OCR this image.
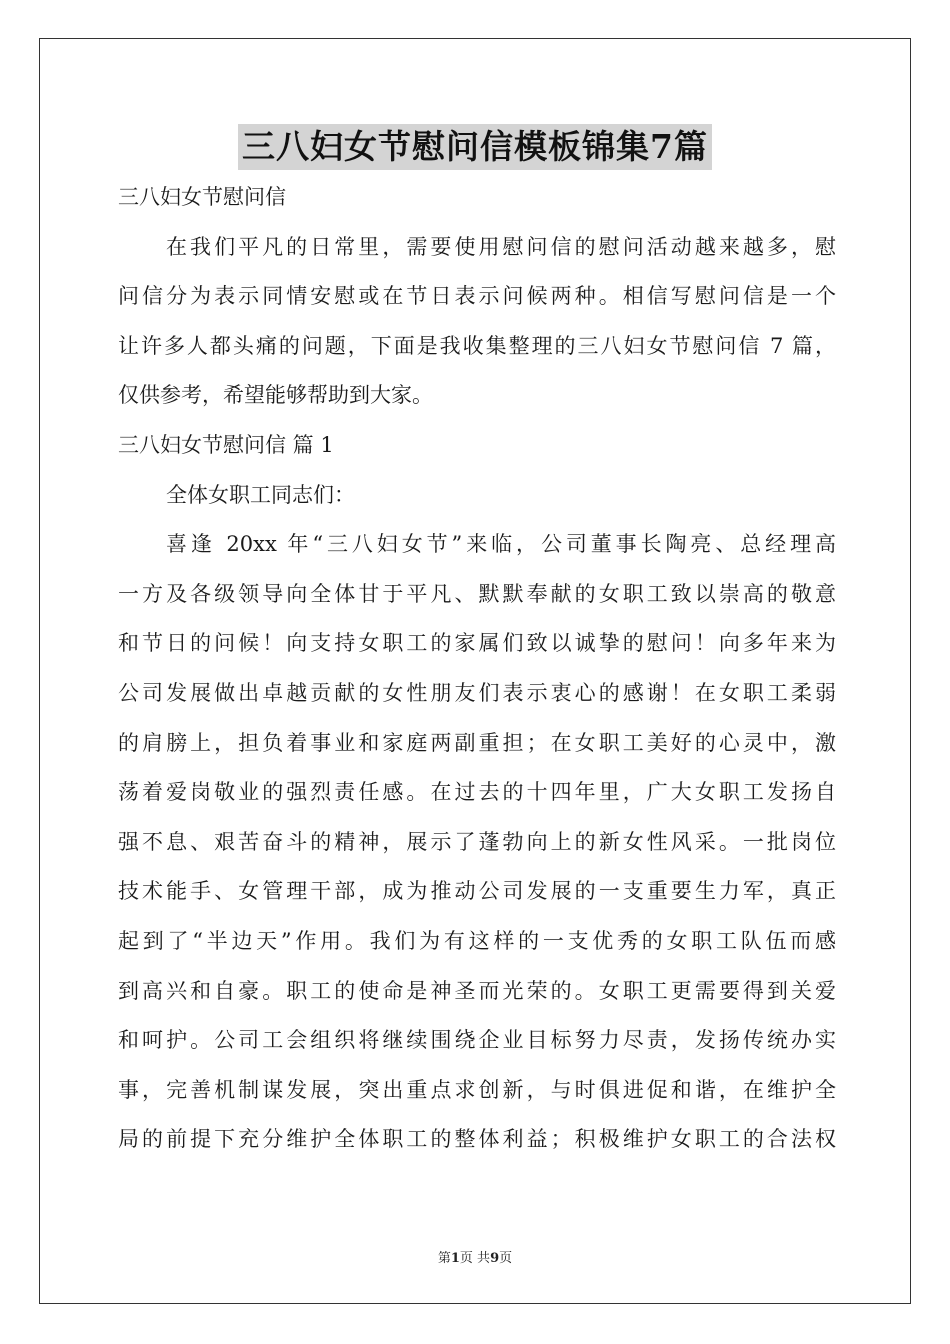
三八妇女节慰问信模板锦集7篇
三八妇女节慰问信
在我们平凡的日常里，需要使用慰问信的慰问活动越来越多，慰
问信分为表示同情安慰或在节日表示问候两种。相信写慰问信是一个
让许多人都头痛的问题，下面是我收集整理的三八妇女节慰问信 7 篇，
仅供参考，希望能够帮助到大家。
三八妇女节慰问信 篇 1
全体女职工同志们：
喜逢 20xx 年“三八妇女节”来临，公司董事长陶亮、总经理高
一方及各级领导向全体甘于平凡、默默奉献的女职工致以崇高的敬意
和节日的问候！向支持女职工的家属们致以诚挚的慰问！向多年来为
公司发展做出卓越贡献的女性朋友们表示衷心的感谢！在女职工柔弱
的肩膀上，担负着事业和家庭两副重担；在女职工美好的心灵中，激
荡着爱岗敬业的强烈责任感。在过去的十四年里，广大女职工发扬自
强不息、艰苦奋斗的精神，展示了蓬勃向上的新女性风采。一批岗位
技术能手、女管理干部，成为推动公司发展的一支重要生力军，真正
起到了“半边天”作用。我们为有这样的一支优秀的女职工队伍而感
到高兴和自豪。职工的使命是神圣而光荣的。女职工更需要得到关爱
和呵护。公司工会组织将继续围绕企业目标努力尽责，发扬传统办实
事，完善机制谋发展，突出重点求创新，与时俱进促和谐，在维护全
局的前提下充分维护全体职工的整体利益；积极维护女职工的合法权
第1页 共9页
